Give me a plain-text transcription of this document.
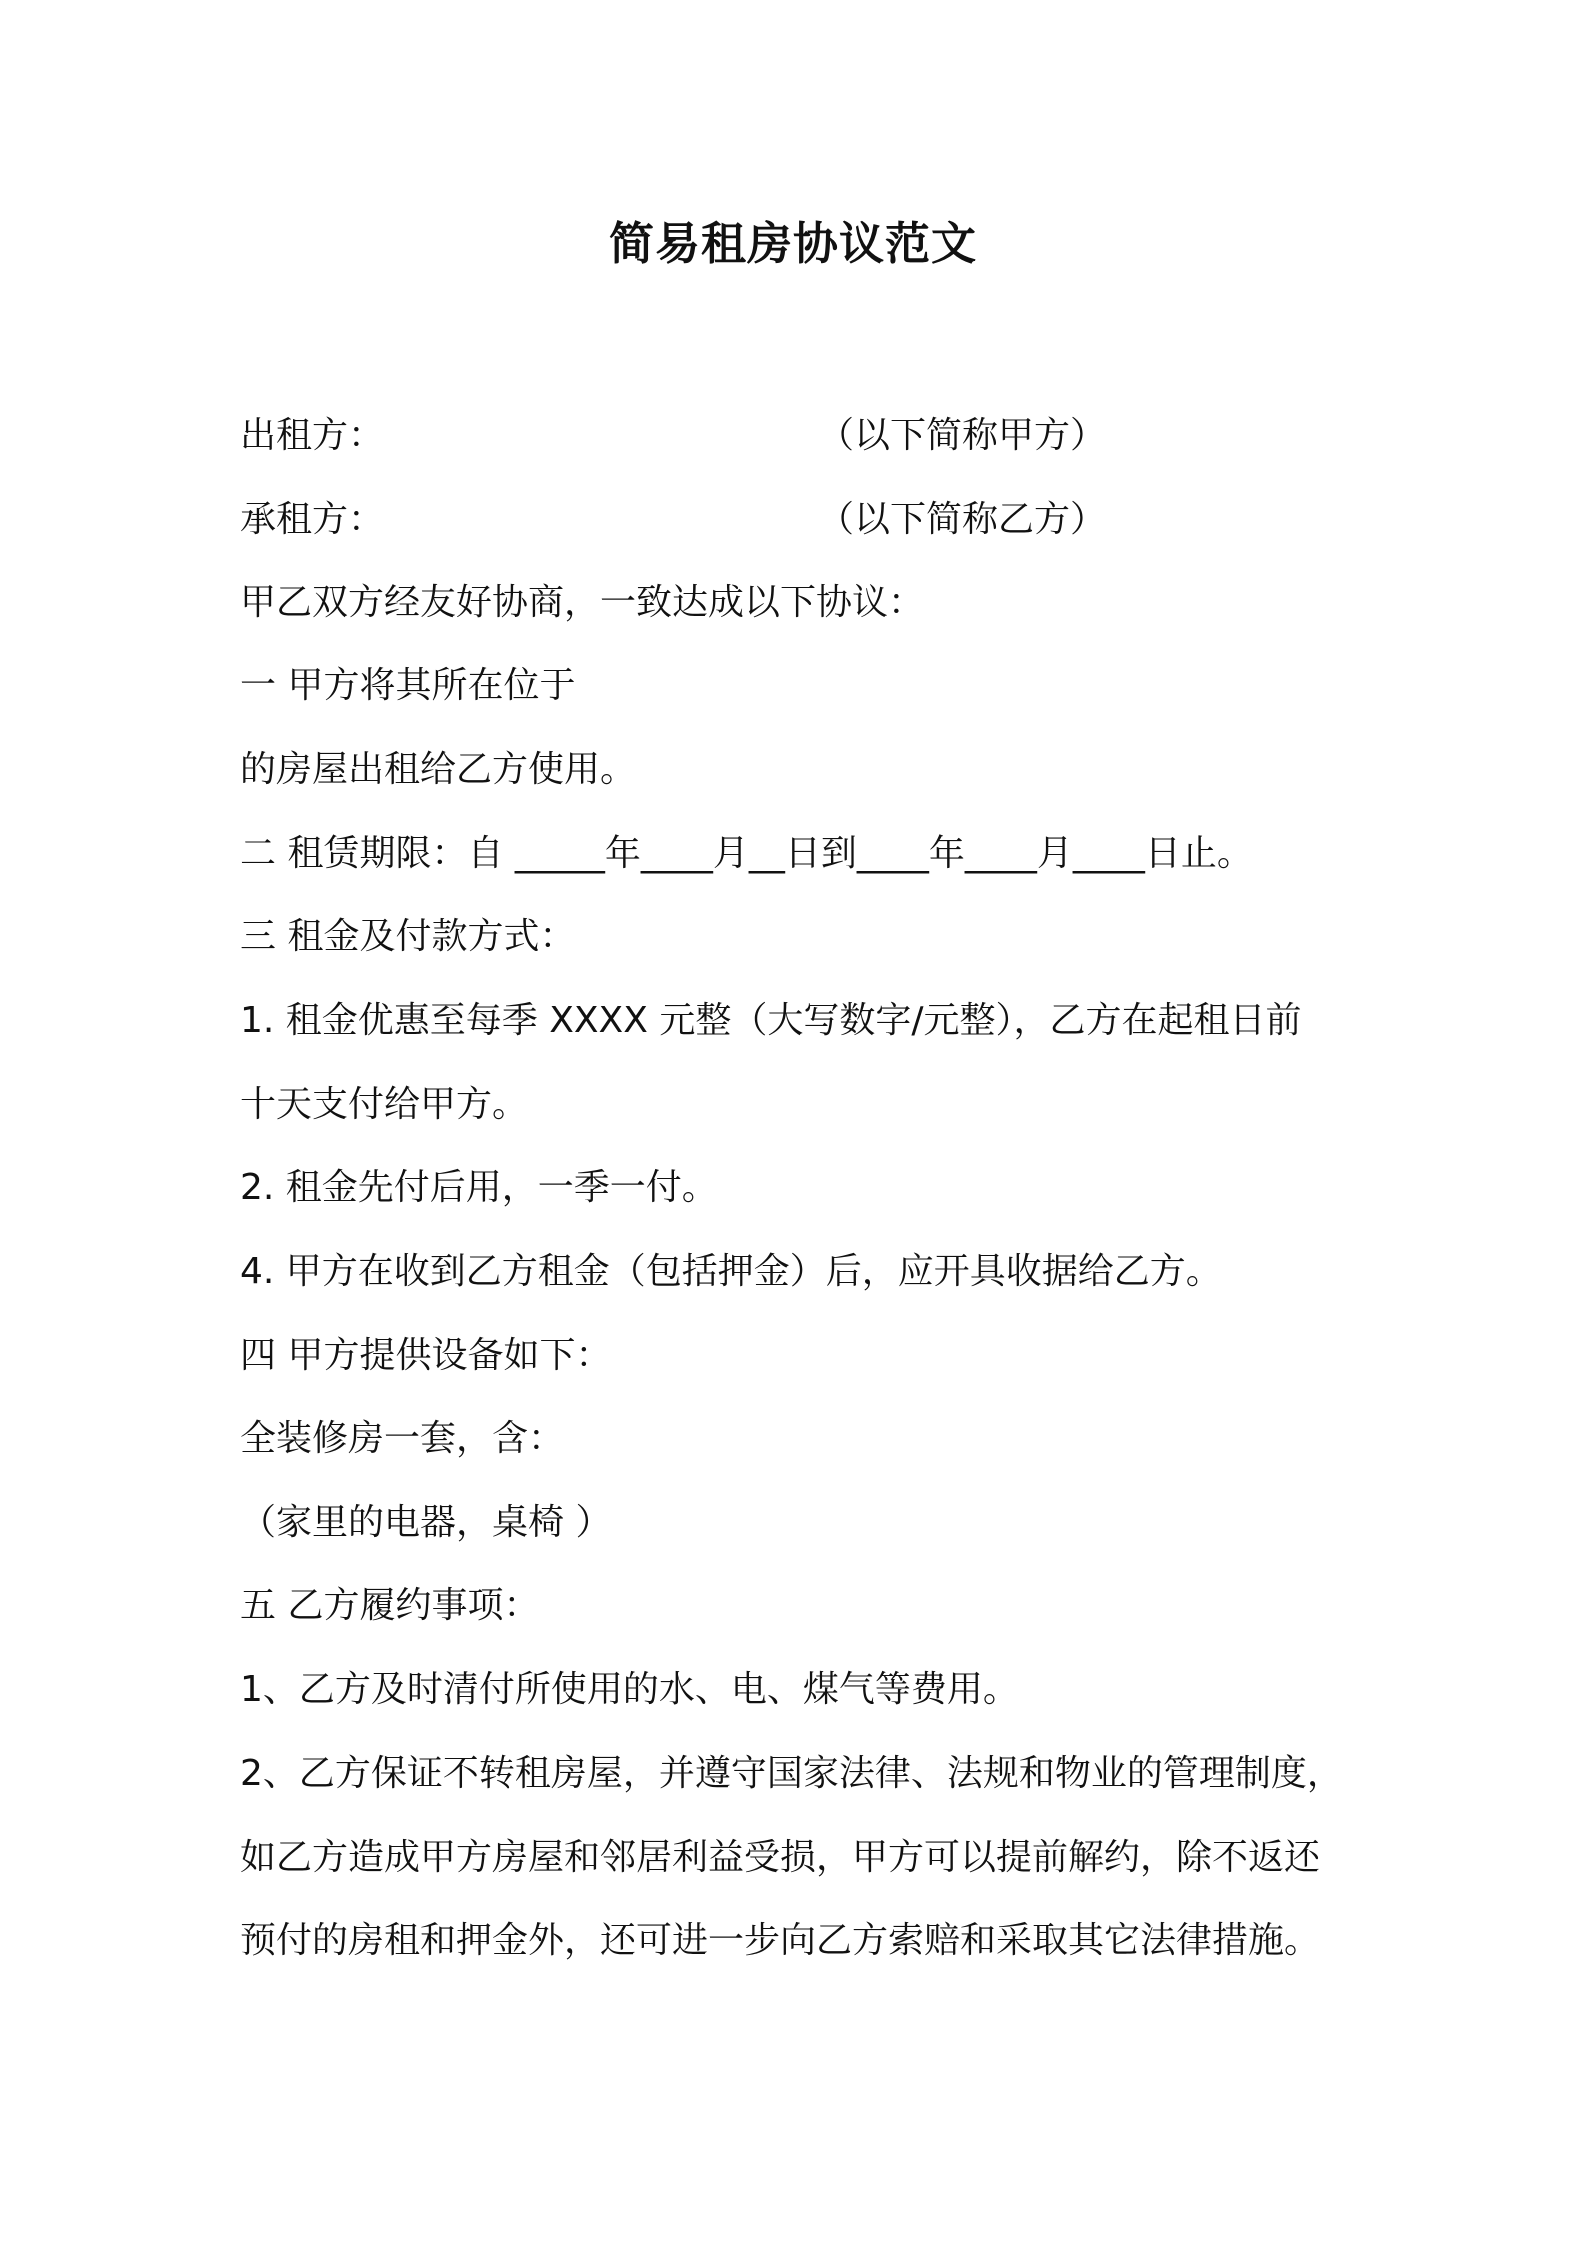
简易租房协议范文
出租方：	（以下简称甲方）
承租方：	（以下简称乙方）
甲乙双方经友好协商，一致达成以下协议：
一 甲方将其所在位于
的房屋出租给乙方使用。
二 租赁期限：自 _____年____月__日到____年____月____日止。
三 租金及付款方式：
1. 租金优惠至每季 XXXX 元整（大写数字/元整），乙方在起租日前
十天支付给甲方。
2. 租金先付后用，一季一付。
4. 甲方在收到乙方租金（包括押金）后，应开具收据给乙方。
四 甲方提供设备如下：
全装修房一套，含：
（家里的电器，桌椅 ）
五 乙方履约事项：
1、乙方及时清付所使用的水、电、煤气等费用。
2、乙方保证不转租房屋，并遵守国家法律、法规和物业的管理制度，
如乙方造成甲方房屋和邻居利益受损，甲方可以提前解约，除不返还
预付的房租和押金外，还可进一步向乙方索赔和采取其它法律措施。
